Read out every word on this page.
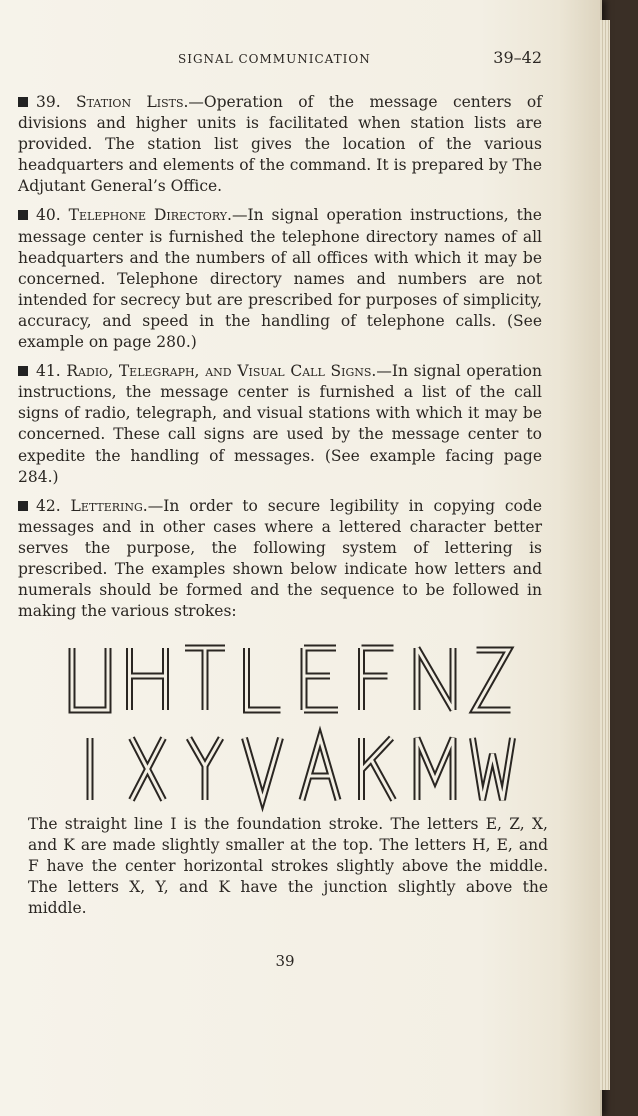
SIGNAL COMMUNICATION	39–42

39. Station Lists.—Operation of the message centers of divisions and higher units is facilitated when station lists are provided. The station list gives the location of the various headquarters and elements of the command. It is prepared by The Adjutant General’s Office.

40. Telephone Directory.—In signal operation instructions, the message center is furnished the telephone directory names of all headquarters and the numbers of all offices with which it may be concerned. Telephone directory names and numbers are not intended for secrecy but are prescribed for purposes of simplicity, accuracy, and speed in the handling of telephone calls. (See example on page 280.)

41. Radio, Telegraph, and Visual Call Signs.—In signal operation instructions, the message center is furnished a list of the call signs of radio, telegraph, and visual stations with which it may be concerned. These call signs are used by the message center to expedite the handling of messages. (See example facing page 284.)

42. Lettering.—In order to secure legibility in copying code messages and in other cases where a lettered character better serves the purpose, the following system of lettering is prescribed. The examples shown below indicate how letters and numerals should be formed and the sequence to be followed in making the various strokes:

The straight line I is the foundation stroke. The letters E, Z, X, and K are made slightly smaller at the top. The letters H, E, and F have the center horizontal strokes slightly above the middle. The letters X, Y, and K have the junction slightly above the middle.
39
